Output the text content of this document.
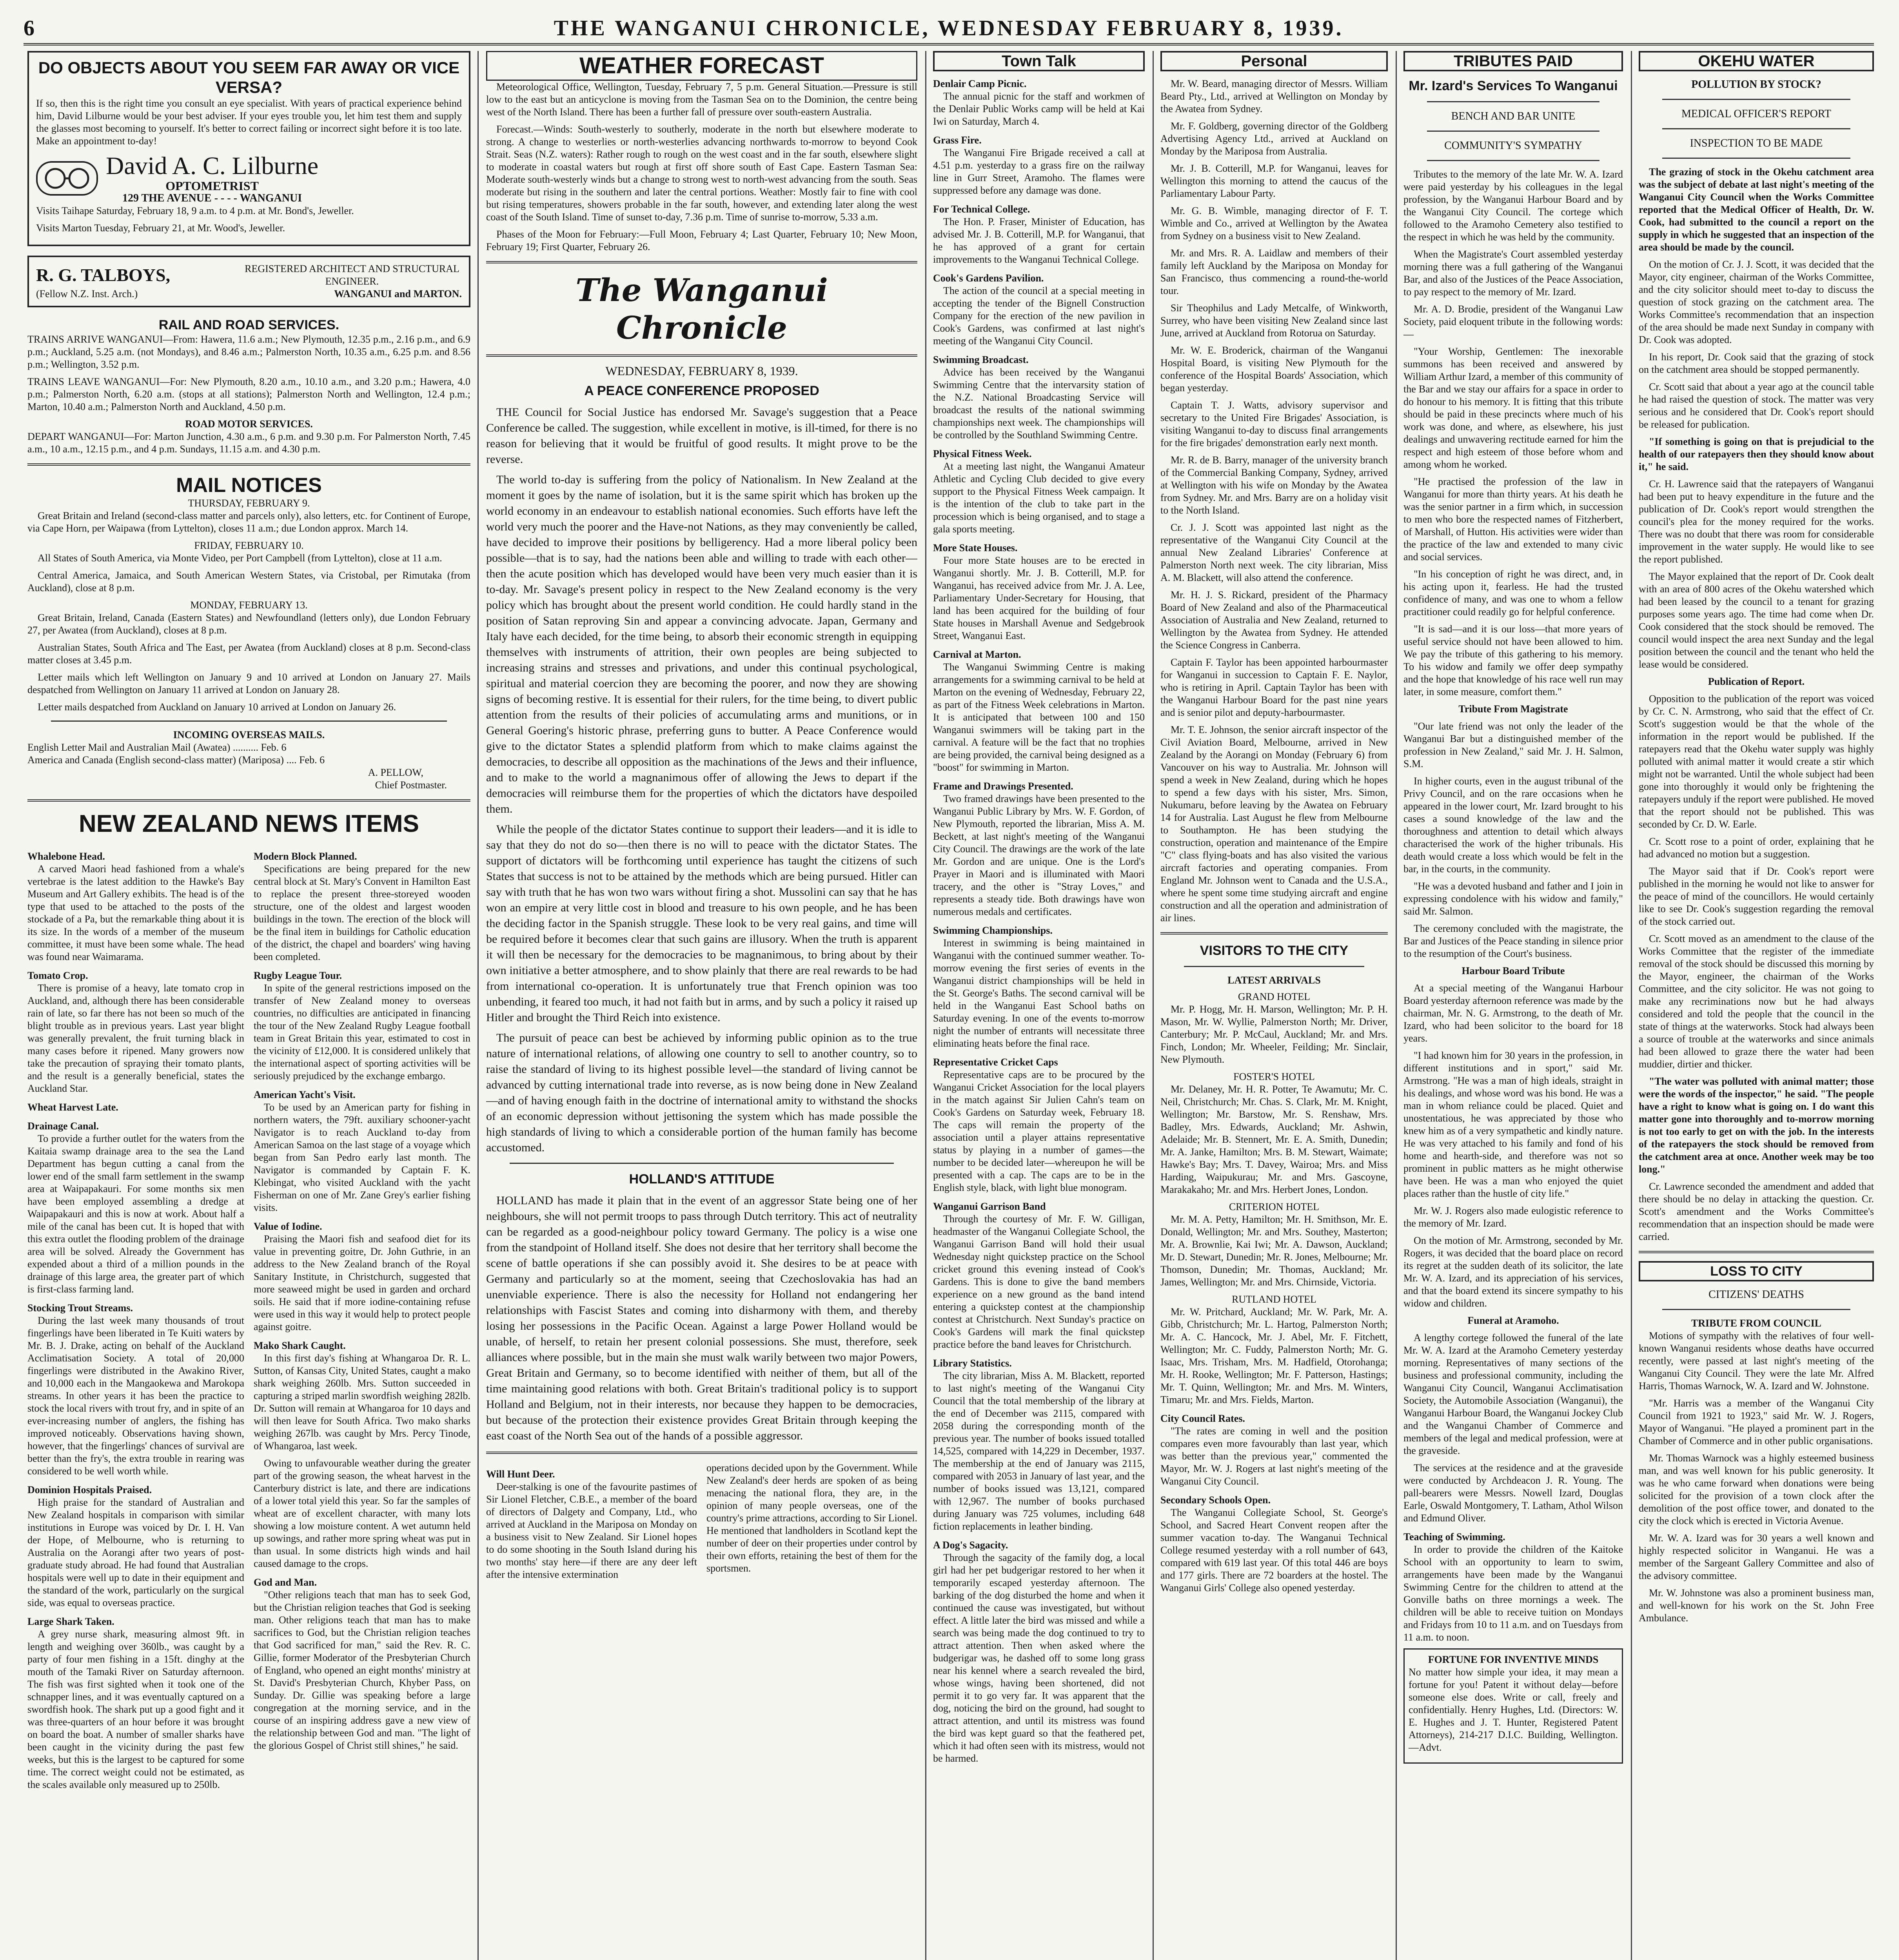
6	THE WANGANUI CHRONICLE, WEDNESDAY FEBRUARY 8, 1939.
DO OBJECTS ABOUT YOU SEEM FAR AWAY OR VICE VERSA?

If so, then this is the right time you consult an eye specialist. With years of practical experience behind him, David Lilburne would be your best adviser. If your eyes trouble you, let him test them and supply the glasses most becoming to yourself. It's better to correct failing or incorrect sight before it is too late. Make an appointment to-day!

David A. C. Lilburne
OPTOMETRIST
129 THE AVENUE - - - - WANGANUI

Visits Taihape Saturday, February 18, 9 a.m. to 4 p.m. at Mr. Bond's, Jeweller.

Visits Marton Tuesday, February 21, at Mr. Wood's, Jeweller.

R. G. TALBOYS,	REGISTERED ARCHITECT AND STRUCTURAL ENGINEER.
(Fellow N.Z. Inst. Arch.)	WANGANUI and MARTON.
RAIL AND ROAD SERVICES.

TRAINS ARRIVE WANGANUI—From: Hawera, 11.6 a.m.; New Plymouth, 12.35 p.m., 2.16 p.m., and 6.9 p.m.; Auckland, 5.25 a.m. (not Mondays), and 8.46 a.m.; Palmerston North, 10.35 a.m., 6.25 p.m. and 8.56 p.m.; Wellington, 3.52 p.m.

TRAINS LEAVE WANGANUI—For: New Plymouth, 8.20 a.m., 10.10 a.m., and 3.20 p.m.; Hawera, 4.0 p.m.; Palmerston North, 6.20 a.m. (stops at all stations); Palmerston North and Wellington, 12.4 p.m.; Marton, 10.40 a.m.; Palmerston North and Auckland, 4.50 p.m.

ROAD MOTOR SERVICES.

DEPART WANGANUI—For: Marton Junction, 4.30 a.m., 6 p.m. and 9.30 p.m. For Palmerston North, 7.45 a.m., 10 a.m., 12.15 p.m., and 4 p.m. Sundays, 11.15 a.m. and 4.30 p.m.

MAIL NOTICES
THURSDAY, FEBRUARY 9.

Great Britain and Ireland (second-class matter and parcels only), also letters, etc. for Continent of Europe, via Cape Horn, per Waipawa (from Lyttelton), closes 11 a.m.; due London approx. March 14.

FRIDAY, FEBRUARY 10.

All States of South America, via Monte Video, per Port Campbell (from Lyttelton), close at 11 a.m.

Central America, Jamaica, and South American Western States, via Cristobal, per Rimutaka (from Auckland), close at 8 p.m.

MONDAY, FEBRUARY 13.

Great Britain, Ireland, Canada (Eastern States) and Newfoundland (letters only), due London February 27, per Awatea (from Auckland), closes at 8 p.m.

Australian States, South Africa and The East, per Awatea (from Auckland) closes at 8 p.m. Second-class matter closes at 3.45 p.m.

Letter mails which left Wellington on January 9 and 10 arrived at London on January 27. Mails despatched from Wellington on January 11 arrived at London on January 28.

Letter mails despatched from Auckland on January 10 arrived at London on January 26.

INCOMING OVERSEAS MAILS.
English Letter Mail and Australian Mail (Awatea) .......... Feb. 6
America and Canada (English second-class matter) (Mariposa) .... Feb. 6
A. PELLOW,
Chief Postmaster.
NEW ZEALAND NEWS ITEMS
Whalebone Head.

A carved Maori head fashioned from a whale's vertebrae is the latest addition to the Hawke's Bay Museum and Art Gallery exhibits. The head is of the type that used to be attached to the posts of the stockade of a Pa, but the remarkable thing about it is its size. In the words of a member of the museum committee, it must have been some whale. The head was found near Waimarama.

Tomato Crop.

There is promise of a heavy, late tomato crop in Auckland, and, although there has been considerable rain of late, so far there has not been so much of the blight trouble as in previous years. Last year blight was generally prevalent, the fruit turning black in many cases before it ripened. Many growers now take the precaution of spraying their tomato plants, and the result is a generally beneficial, states the Auckland Star.

Wheat Harvest Late.
Drainage Canal.

To provide a further outlet for the waters from the Kaitaia swamp drainage area to the sea the Land Department has begun cutting a canal from the lower end of the small farm settlement in the swamp area at Waipapakauri. For some months six men have been employed assembling a dredge at Waipapakauri and this is now at work. About half a mile of the canal has been cut. It is hoped that with this extra outlet the flooding problem of the drainage area will be solved. Already the Government has expended about a third of a million pounds in the drainage of this large area, the greater part of which is first-class farming land.

Stocking Trout Streams.

During the last week many thousands of trout fingerlings have been liberated in Te Kuiti waters by Mr. B. J. Drake, acting on behalf of the Auckland Acclimatisation Society. A total of 20,000 fingerlings were distributed in the Awakino River, and 10,000 each in the Mangaokewa and Marokopa streams. In other years it has been the practice to stock the local rivers with trout fry, and in spite of an ever-increasing number of anglers, the fishing has improved noticeably. Observations having shown, however, that the fingerlings' chances of survival are better than the fry's, the extra trouble in rearing was considered to be well worth while.

Dominion Hospitals Praised.

High praise for the standard of Australian and New Zealand hospitals in comparison with similar institutions in Europe was voiced by Dr. I. H. Van der Hope, of Melbourne, who is returning to Australia on the Aorangi after two years of post-graduate study abroad. He had found that Australian hospitals were well up to date in their equipment and the standard of the work, particularly on the surgical side, was equal to overseas practice.

Large Shark Taken.

A grey nurse shark, measuring almost 9ft. in length and weighing over 360lb., was caught by a party of four men fishing in a 15ft. dinghy at the mouth of the Tamaki River on Saturday afternoon. The fish was first sighted when it took one of the schnapper lines, and it was eventually captured on a swordfish hook. The shark put up a good fight and it was three-quarters of an hour before it was brought on board the boat. A number of smaller sharks have been caught in the vicinity during the past few weeks, but this is the largest to be captured for some time. The correct weight could not be estimated, as the scales available only measured up to 250lb.

Modern Block Planned.

Specifications are being prepared for the new central block at St. Mary's Convent in Hamilton East to replace the present three-storeyed wooden structure, one of the oldest and largest wooden buildings in the town. The erection of the block will be the final item in buildings for Catholic education of the district, the chapel and boarders' wing having been completed.

Rugby League Tour.

In spite of the general restrictions imposed on the transfer of New Zealand money to overseas countries, no difficulties are anticipated in financing the tour of the New Zealand Rugby League football team in Great Britain this year, estimated to cost in the vicinity of £12,000. It is considered unlikely that the international aspect of sporting activities will be seriously prejudiced by the exchange embargo.

American Yacht's Visit.

To be used by an American party for fishing in northern waters, the 79ft. auxiliary schooner-yacht Navigator is to reach Auckland to-day from American Samoa on the last stage of a voyage which began from San Pedro early last month. The Navigator is commanded by Captain F. K. Klebingat, who visited Auckland with the yacht Fisherman on one of Mr. Zane Grey's earlier fishing visits.

Value of Iodine.

Praising the Maori fish and seafood diet for its value in preventing goitre, Dr. John Guthrie, in an address to the New Zealand branch of the Royal Sanitary Institute, in Christchurch, suggested that more seaweed might be used in garden and orchard soils. He said that if more iodine-containing refuse were used in this way it would help to protect people against goitre.

Mako Shark Caught.

In this first day's fishing at Whangaroa Dr. R. L. Sutton, of Kansas City, United States, caught a mako shark weighing 260lb. Mrs. Sutton succeeded in capturing a striped marlin swordfish weighing 282lb. Dr. Sutton will remain at Whangaroa for 10 days and will then leave for South Africa. Two mako sharks weighing 267lb. was caught by Mrs. Percy Tinode, of Whangaroa, last week.

Owing to unfavourable weather during the greater part of the growing season, the wheat harvest in the Canterbury district is late, and there are indications of a lower total yield this year. So far the samples of wheat are of excellent character, with many lots showing a low moisture content. A wet autumn held up sowings, and rather more spring wheat was put in than usual. In some districts high winds and hail caused damage to the crops.

God and Man.

"Other religions teach that man has to seek God, but the Christian religion teaches that God is seeking man. Other religions teach that man has to make sacrifices to God, but the Christian religion teaches that God sacrificed for man," said the Rev. R. C. Gillie, former Moderator of the Presbyterian Church of England, who opened an eight months' ministry at St. David's Presbyterian Church, Khyber Pass, on Sunday. Dr. Gillie was speaking before a large congregation at the morning service, and in the course of an inspiring address gave a new view of the relationship between God and man. "The light of the glorious Gospel of Christ still shines," he said.

WEATHER FORECAST

Meteorological Office, Wellington, Tuesday, February 7, 5 p.m. General Situation.—Pressure is still low to the east but an anticyclone is moving from the Tasman Sea on to the Dominion, the centre being west of the North Island. There has been a further fall of pressure over south-eastern Australia.

Forecast.—Winds: South-westerly to southerly, moderate in the north but elsewhere moderate to strong. A change to westerlies or north-westerlies advancing northwards to-morrow to beyond Cook Strait. Seas (N.Z. waters): Rather rough to rough on the west coast and in the far south, elsewhere slight to moderate in coastal waters but rough at first off shore south of East Cape. Eastern Tasman Sea: Moderate south-westerly winds but a change to strong west to north-west advancing from the south. Seas moderate but rising in the southern and later the central portions. Weather: Mostly fair to fine with cool but rising temperatures, showers probable in the far south, however, and extending later along the west coast of the South Island. Time of sunset to-day, 7.36 p.m. Time of sunrise to-morrow, 5.33 a.m.

Phases of the Moon for February:—Full Moon, February 4; Last Quarter, February 10; New Moon, February 19; First Quarter, February 26.

The Wanganui Chronicle
WEDNESDAY, FEBRUARY 8, 1939.
A PEACE CONFERENCE PROPOSED

THE Council for Social Justice has endorsed Mr. Savage's suggestion that a Peace Conference be called. The suggestion, while excellent in motive, is ill-timed, for there is no reason for believing that it would be fruitful of good results. It might prove to be the reverse.

The world to-day is suffering from the policy of Nationalism. In New Zealand at the moment it goes by the name of isolation, but it is the same spirit which has broken up the world economy in an endeavour to establish national economies. Such efforts have left the world very much the poorer and the Have-not Nations, as they may conveniently be called, have decided to improve their positions by belligerency. Had a more liberal policy been possible—that is to say, had the nations been able and willing to trade with each other—then the acute position which has developed would have been very much easier than it is to-day. Mr. Savage's present policy in respect to the New Zealand economy is the very policy which has brought about the present world condition. He could hardly stand in the position of Satan reproving Sin and appear a convincing advocate. Japan, Germany and Italy have each decided, for the time being, to absorb their economic strength in equipping themselves with instruments of attrition, their own peoples are being subjected to increasing strains and stresses and privations, and under this continual psychological, spiritual and material coercion they are becoming the poorer, and now they are showing signs of becoming restive. It is essential for their rulers, for the time being, to divert public attention from the results of their policies of accumulating arms and munitions, or in General Goering's historic phrase, preferring guns to butter. A Peace Conference would give to the dictator States a splendid platform from which to make claims against the democracies, to describe all opposition as the machinations of the Jews and their influence, and to make to the world a magnanimous offer of allowing the Jews to depart if the democracies will reimburse them for the properties of which the dictators have despoiled them.

While the people of the dictator States continue to support their leaders—and it is idle to say that they do not do so—then there is no will to peace with the dictator States. The support of dictators will be forthcoming until experience has taught the citizens of such States that success is not to be attained by the methods which are being pursued. Hitler can say with truth that he has won two wars without firing a shot. Mussolini can say that he has won an empire at very little cost in blood and treasure to his own people, and he has been the deciding factor in the Spanish struggle. These look to be very real gains, and time will be required before it becomes clear that such gains are illusory. When the truth is apparent it will then be necessary for the democracies to be magnanimous, to bring about by their own initiative a better atmosphere, and to show plainly that there are real rewards to be had from international co-operation. It is unfortunately true that French opinion was too unbending, it feared too much, it had not faith but in arms, and by such a policy it raised up Hitler and brought the Third Reich into existence.

The pursuit of peace can best be achieved by informing public opinion as to the true nature of international relations, of allowing one country to sell to another country, so to raise the standard of living to its highest possible level—the standard of living cannot be advanced by cutting international trade into reverse, as is now being done in New Zealand—and of having enough faith in the doctrine of international amity to withstand the shocks of an economic depression without jettisoning the system which has made possible the high standards of living to which a considerable portion of the human family has become accustomed.

HOLLAND'S ATTITUDE

HOLLAND has made it plain that in the event of an aggressor State being one of her neighbours, she will not permit troops to pass through Dutch territory. This act of neutrality can be regarded as a good-neighbour policy toward Germany. The policy is a wise one from the standpoint of Holland itself. She does not desire that her territory shall become the scene of battle operations if she can possibly avoid it. She desires to be at peace with Germany and particularly so at the moment, seeing that Czechoslovakia has had an unenviable experience. There is also the necessity for Holland not endangering her relationships with Fascist States and coming into disharmony with them, and thereby losing her possessions in the Pacific Ocean. Against a large Power Holland would be unable, of herself, to retain her present colonial possessions. She must, therefore, seek alliances where possible, but in the main she must walk warily between two major Powers, Great Britain and Germany, so to become identified with neither of them, but all of the time maintaining good relations with both. Great Britain's traditional policy is to support Holland and Belgium, not in their interests, nor because they happen to be democracies, but because of the protection their existence provides Great Britain through keeping the east coast of the North Sea out of the hands of a possible aggressor.

Will Hunt Deer.

Deer-stalking is one of the favourite pastimes of Sir Lionel Fletcher, C.B.E., a member of the board of directors of Dalgety and Company, Ltd., who arrived at Auckland in the Mariposa on Monday on a business visit to New Zealand. Sir Lionel hopes to do some shooting in the South Island during his two months' stay here—if there are any deer left after the intensive extermination

operations decided upon by the Government. While New Zealand's deer herds are spoken of as being menacing the national flora, they are, in the opinion of many people overseas, one of the country's prime attractions, according to Sir Lionel. He mentioned that landholders in Scotland kept the number of deer on their properties under control by their own efforts, retaining the best of them for the sportsmen.

Town Talk
Denlair Camp Picnic.

The annual picnic for the staff and workmen of the Denlair Public Works camp will be held at Kai Iwi on Saturday, March 4.

Grass Fire.

The Wanganui Fire Brigade received a call at 4.51 p.m. yesterday to a grass fire on the railway line in Gurr Street, Aramoho. The flames were suppressed before any damage was done.

For Technical College.

The Hon. P. Fraser, Minister of Education, has advised Mr. J. B. Cotterill, M.P. for Wanganui, that he has approved of a grant for certain improvements to the Wanganui Technical College.

Cook's Gardens Pavilion.

The action of the council at a special meeting in accepting the tender of the Bignell Construction Company for the erection of the new pavilion in Cook's Gardens, was confirmed at last night's meeting of the Wanganui City Council.

Swimming Broadcast.

Advice has been received by the Wanganui Swimming Centre that the intervarsity station of the N.Z. National Broadcasting Service will broadcast the results of the national swimming championships next week. The championships will be controlled by the Southland Swimming Centre.

Physical Fitness Week.

At a meeting last night, the Wanganui Amateur Athletic and Cycling Club decided to give every support to the Physical Fitness Week campaign. It is the intention of the club to take part in the procession which is being organised, and to stage a gala sports meeting.

More State Houses.

Four more State houses are to be erected in Wanganui shortly. Mr. J. B. Cotterill, M.P. for Wanganui, has received advice from Mr. J. A. Lee, Parliamentary Under-Secretary for Housing, that land has been acquired for the building of four State houses in Marshall Avenue and Sedgebrook Street, Wanganui East.

Carnival at Marton.

The Wanganui Swimming Centre is making arrangements for a swimming carnival to be held at Marton on the evening of Wednesday, February 22, as part of the Fitness Week celebrations in Marton. It is anticipated that between 100 and 150 Wanganui swimmers will be taking part in the carnival. A feature will be the fact that no trophies are being provided, the carnival being designed as a "boost" for swimming in Marton.

Frame and Drawings Presented.

Two framed drawings have been presented to the Wanganui Public Library by Mrs. W. F. Gordon, of New Plymouth, reported the librarian, Miss A. M. Beckett, at last night's meeting of the Wanganui City Council. The drawings are the work of the late Mr. Gordon and are unique. One is the Lord's Prayer in Maori and is illuminated with Maori tracery, and the other is "Stray Loves," and represents a steady tide. Both drawings have won numerous medals and certificates.

Swimming Championships.

Interest in swimming is being maintained in Wanganui with the continued summer weather. To-morrow evening the first series of events in the Wanganui district championships will be held in the St. George's Baths. The second carnival will be held in the Wanganui East School baths on Saturday evening. In one of the events to-morrow night the number of entrants will necessitate three eliminating heats before the final race.

Representative Cricket Caps

Representative caps are to be procured by the Wanganui Cricket Association for the local players in the match against Sir Julien Cahn's team on Cook's Gardens on Saturday week, February 18. The caps will remain the property of the association until a player attains representative status by playing in a number of games—the number to be decided later—whereupon he will be presented with a cap. The caps are to be in the English style, black, with light blue monogram.

Wanganui Garrison Band

Through the courtesy of Mr. F. W. Gilligan, headmaster of the Wanganui Collegiate School, the Wanganui Garrison Band will hold their usual Wednesday night quickstep practice on the School cricket ground this evening instead of Cook's Gardens. This is done to give the band members experience on a new ground as the band intend entering a quickstep contest at the championship contest at Christchurch. Next Sunday's practice on Cook's Gardens will mark the final quickstep practice before the band leaves for Christchurch.

Library Statistics.

The city librarian, Miss A. M. Blackett, reported to last night's meeting of the Wanganui City Council that the total membership of the library at the end of December was 2115, compared with 2058 during the corresponding month of the previous year. The number of books issued totalled 14,525, compared with 14,229 in December, 1937. The membership at the end of January was 2115, compared with 2053 in January of last year, and the number of books issued was 13,121, compared with 12,967. The number of books purchased during January was 725 volumes, including 648 fiction replacements in leather binding.

A Dog's Sagacity.

Through the sagacity of the family dog, a local girl had her pet budgerigar restored to her when it temporarily escaped yesterday afternoon. The barking of the dog disturbed the home and when it continued the cause was investigated, but without effect. A little later the bird was missed and while a search was being made the dog continued to try to attract attention. Then when asked where the budgerigar was, he dashed off to some long grass near his kennel where a search revealed the bird, whose wings, having been shortened, did not permit it to go very far. It was apparent that the dog, noticing the bird on the ground, had sought to attract attention, and until its mistress was found the bird was kept guard so that the feathered pet, which it had often seen with its mistress, would not be harmed.

Personal

Mr. W. Beard, managing director of Messrs. William Beard Pty., Ltd., arrived at Wellington on Monday by the Awatea from Sydney.

Mr. F. Goldberg, governing director of the Goldberg Advertising Agency Ltd., arrived at Auckland on Monday by the Mariposa from Australia.

Mr. J. B. Cotterill, M.P. for Wanganui, leaves for Wellington this morning to attend the caucus of the Parliamentary Labour Party.

Mr. G. B. Wimble, managing director of F. T. Wimble and Co., arrived at Wellington by the Awatea from Sydney on a business visit to New Zealand.

Mr. and Mrs. R. A. Laidlaw and members of their family left Auckland by the Mariposa on Monday for San Francisco, thus commencing a round-the-world tour.

Sir Theophilus and Lady Metcalfe, of Winkworth, Surrey, who have been visiting New Zealand since last June, arrived at Auckland from Rotorua on Saturday.

Mr. W. E. Broderick, chairman of the Wanganui Hospital Board, is visiting New Plymouth for the conference of the Hospital Boards' Association, which began yesterday.

Captain T. J. Watts, advisory supervisor and secretary to the United Fire Brigades' Association, is visiting Wanganui to-day to discuss final arrangements for the fire brigades' demonstration early next month.

Mr. R. de B. Barry, manager of the university branch of the Commercial Banking Company, Sydney, arrived at Wellington with his wife on Monday by the Awatea from Sydney. Mr. and Mrs. Barry are on a holiday visit to the North Island.

Cr. J. J. Scott was appointed last night as the representative of the Wanganui City Council at the annual New Zealand Libraries' Conference at Palmerston North next week. The city librarian, Miss A. M. Blackett, will also attend the conference.

Mr. H. J. S. Rickard, president of the Pharmacy Board of New Zealand and also of the Pharmaceutical Association of Australia and New Zealand, returned to Wellington by the Awatea from Sydney. He attended the Science Congress in Canberra.

Captain F. Taylor has been appointed harbourmaster for Wanganui in succession to Captain F. E. Naylor, who is retiring in April. Captain Taylor has been with the Wanganui Harbour Board for the past nine years and is senior pilot and deputy-harbourmaster.

Mr. T. E. Johnson, the senior aircraft inspector of the Civil Aviation Board, Melbourne, arrived in New Zealand by the Aorangi on Monday (February 6) from Vancouver on his way to Australia. Mr. Johnson will spend a week in New Zealand, during which he hopes to spend a few days with his sister, Mrs. Simon, Nukumaru, before leaving by the Awatea on February 14 for Australia. Last August he flew from Melbourne to Southampton. He has been studying the construction, operation and maintenance of the Empire "C" class flying-boats and has also visited the various aircraft factories and operating companies. From England Mr. Johnson went to Canada and the U.S.A., where he spent some time studying aircraft and engine construction and all the operation and administration of air lines.

VISITORS TO THE CITY
LATEST ARRIVALS
GRAND HOTEL

Mr. P. Hogg, Mr. H. Marson, Wellington; Mr. P. H. Mason, Mr. W. Wyllie, Palmerston North; Mr. Driver, Canterbury; Mr. P. McCaul, Auckland; Mr. and Mrs. Finch, London; Mr. Wheeler, Feilding; Mr. Sinclair, New Plymouth.

FOSTER'S HOTEL

Mr. Delaney, Mr. H. R. Potter, Te Awamutu; Mr. C. Neil, Christchurch; Mr. Chas. S. Clark, Mr. M. Knight, Wellington; Mr. Barstow, Mr. S. Renshaw, Mrs. Badley, Mrs. Edwards, Auckland; Mr. Ashwin, Adelaide; Mr. B. Stennert, Mr. E. A. Smith, Dunedin; Mr. A. Janke, Hamilton; Mrs. B. M. Stewart, Waimate; Hawke's Bay; Mrs. T. Davey, Wairoa; Mrs. and Miss Harding, Waipukurau; Mr. and Mrs. Gascoyne, Marakakaho; Mr. and Mrs. Herbert Jones, London.

CRITERION HOTEL

Mr. M. A. Petty, Hamilton; Mr. H. Smithson, Mr. E. Donald, Wellington; Mr. and Mrs. Southey, Masterton; Mr. A. Brownlie, Kai Iwi; Mr. A. Dawson, Auckland; Mr. D. Stewart, Dunedin; Mr. R. Jones, Melbourne; Mr. Thomson, Dunedin; Mr. Thomas, Auckland; Mr. James, Wellington; Mr. and Mrs. Chirnside, Victoria.

RUTLAND HOTEL

Mr. W. Pritchard, Auckland; Mr. W. Park, Mr. A. Gibb, Christchurch; Mr. L. Hartog, Palmerston North; Mr. A. C. Hancock, Mr. J. Abel, Mr. F. Fitchett, Wellington; Mr. C. Fuddy, Palmerston North; Mr. G. Isaac, Mrs. Trisham, Mrs. M. Hadfield, Otorohanga; Mr. H. Rooke, Wellington; Mr. F. Patterson, Hastings; Mr. T. Quinn, Wellington; Mr. and Mrs. M. Winters, Timaru; Mr. and Mrs. Fields, Marton.

City Council Rates.

"The rates are coming in well and the position compares even more favourably than last year, which was better than the previous year," commented the Mayor, Mr. W. J. Rogers at last night's meeting of the Wanganui City Council.

Secondary Schools Open.

The Wanganui Collegiate School, St. George's School, and Sacred Heart Convent reopen after the summer vacation to-day. The Wanganui Technical College resumed yesterday with a roll number of 643, compared with 619 last year. Of this total 446 are boys and 177 girls. There are 72 boarders at the hostel. The Wanganui Girls' College also opened yesterday.

TRIBUTES PAID
Mr. Izard's Services To Wanganui
BENCH AND BAR UNITE
COMMUNITY'S SYMPATHY

Tributes to the memory of the late Mr. W. A. Izard were paid yesterday by his colleagues in the legal profession, by the Wanganui Harbour Board and by the Wanganui City Council. The cortege which followed to the Aramoho Cemetery also testified to the respect in which he was held by the community.

When the Magistrate's Court assembled yesterday morning there was a full gathering of the Wanganui Bar, and also of the Justices of the Peace Association, to pay respect to the memory of Mr. Izard.

Mr. A. D. Brodie, president of the Wanganui Law Society, paid eloquent tribute in the following words:—

"Your Worship, Gentlemen: The inexorable summons has been received and answered by William Arthur Izard, a member of this community of the Bar and we stay our affairs for a space in order to do honour to his memory. It is fitting that this tribute should be paid in these precincts where much of his work was done, and where, as elsewhere, his just dealings and unwavering rectitude earned for him the respect and high esteem of those before whom and among whom he worked.

"He practised the profession of the law in Wanganui for more than thirty years. At his death he was the senior partner in a firm which, in succession to men who bore the respected names of Fitzherbert, of Marshall, of Hutton. His activities were wider than the practice of the law and extended to many civic and social services.

"In his conception of right he was direct, and, in his acting upon it, fearless. He had the trusted confidence of many, and was one to whom a fellow practitioner could readily go for helpful conference.

"It is sad—and it is our loss—that more years of useful service should not have been allowed to him. We pay the tribute of this gathering to his memory. To his widow and family we offer deep sympathy and the hope that knowledge of his race well run may later, in some measure, comfort them."

Tribute From Magistrate

"Our late friend was not only the leader of the Wanganui Bar but a distinguished member of the profession in New Zealand," said Mr. J. H. Salmon, S.M.

In higher courts, even in the august tribunal of the Privy Council, and on the rare occasions when he appeared in the lower court, Mr. Izard brought to his cases a sound knowledge of the law and the thoroughness and attention to detail which always characterised the work of the higher tribunals. His death would create a loss which would be felt in the bar, in the courts, in the community.

"He was a devoted husband and father and I join in expressing condolence with his widow and family," said Mr. Salmon.

The ceremony concluded with the magistrate, the Bar and Justices of the Peace standing in silence prior to the resumption of the Court's business.

Harbour Board Tribute

At a special meeting of the Wanganui Harbour Board yesterday afternoon reference was made by the chairman, Mr. N. G. Armstrong, to the death of Mr. Izard, who had been solicitor to the board for 18 years.

"I had known him for 30 years in the profession, in different institutions and in sport," said Mr. Armstrong. "He was a man of high ideals, straight in his dealings, and whose word was his bond. He was a man in whom reliance could be placed. Quiet and unostentatious, he was appreciated by those who knew him as of a very sympathetic and kindly nature. He was very attached to his family and fond of his home and hearth-side, and therefore was not so prominent in public matters as he might otherwise have been. He was a man who enjoyed the quiet places rather than the hustle of city life."

Mr. W. J. Rogers also made eulogistic reference to the memory of Mr. Izard.

On the motion of Mr. Armstrong, seconded by Mr. Rogers, it was decided that the board place on record its regret at the sudden death of its solicitor, the late Mr. W. A. Izard, and its appreciation of his services, and that the board extend its sincere sympathy to his widow and children.

Funeral at Aramoho.

A lengthy cortege followed the funeral of the late Mr. W. A. Izard at the Aramoho Cemetery yesterday morning. Representatives of many sections of the business and professional community, including the Wanganui City Council, Wanganui Acclimatisation Society, the Automobile Association (Wanganui), the Wanganui Harbour Board, the Wanganui Jockey Club and the Wanganui Chamber of Commerce and members of the legal and medical profession, were at the graveside.

The services at the residence and at the graveside were conducted by Archdeacon J. R. Young. The pall-bearers were Messrs. Nowell Izard, Douglas Earle, Oswald Montgomery, T. Latham, Athol Wilson and Edmund Oliver.

Teaching of Swimming.

In order to provide the children of the Kaitoke School with an opportunity to learn to swim, arrangements have been made by the Wanganui Swimming Centre for the children to attend at the Gonville baths on three mornings a week. The children will be able to receive tuition on Mondays and Fridays from 10 to 11 a.m. and on Tuesdays from 11 a.m. to noon.

FORTUNE FOR INVENTIVE MINDS

No matter how simple your idea, it may mean a fortune for you! Patent it without delay—before someone else does. Write or call, freely and confidentially. Henry Hughes, Ltd. (Directors: W. E. Hughes and J. T. Hunter, Registered Patent Attorneys), 214-217 D.I.C. Building, Wellington.—Advt.

OKEHU WATER
POLLUTION BY STOCK?
MEDICAL OFFICER'S REPORT
INSPECTION TO BE MADE

The grazing of stock in the Okehu catchment area was the subject of debate at last night's meeting of the Wanganui City Council when the Works Committee reported that the Medical Officer of Health, Dr. W. Cook, had submitted to the council a report on the supply in which he suggested that an inspection of the area should be made by the council.

On the motion of Cr. J. J. Scott, it was decided that the Mayor, city engineer, chairman of the Works Committee, and the city solicitor should meet to-day to discuss the question of stock grazing on the catchment area. The Works Committee's recommendation that an inspection of the area should be made next Sunday in company with Dr. Cook was adopted.

In his report, Dr. Cook said that the grazing of stock on the catchment area should be stopped permanently.

Cr. Scott said that about a year ago at the council table he had raised the question of stock. The matter was very serious and he considered that Dr. Cook's report should be released for publication.

"If something is going on that is prejudicial to the health of our ratepayers then they should know about it," he said.

Cr. H. Lawrence said that the ratepayers of Wanganui had been put to heavy expenditure in the future and the publication of Dr. Cook's report would strengthen the council's plea for the money required for the works. There was no doubt that there was room for considerable improvement in the water supply. He would like to see the report published.

The Mayor explained that the report of Dr. Cook dealt with an area of 800 acres of the Okehu watershed which had been leased by the council to a tenant for grazing purposes some years ago. The time had come when Dr. Cook considered that the stock should be removed. The council would inspect the area next Sunday and the legal position between the council and the tenant who held the lease would be considered.

Publication of Report.

Opposition to the publication of the report was voiced by Cr. C. N. Armstrong, who said that the effect of Cr. Scott's suggestion would be that the whole of the information in the report would be published. If the ratepayers read that the Okehu water supply was highly polluted with animal matter it would create a stir which might not be warranted. Until the whole subject had been gone into thoroughly it would only be frightening the ratepayers unduly if the report were published. He moved that the report should not be published. This was seconded by Cr. D. W. Earle.

Cr. Scott rose to a point of order, explaining that he had advanced no motion but a suggestion.

The Mayor said that if Dr. Cook's report were published in the morning he would not like to answer for the peace of mind of the councillors. He would certainly like to see Dr. Cook's suggestion regarding the removal of the stock carried out.

Cr. Scott moved as an amendment to the clause of the Works Committee that the register of the immediate removal of the stock should be discussed this morning by the Mayor, engineer, the chairman of the Works Committee, and the city solicitor. He was not going to make any recriminations now but he had always considered and told the people that the council in the state of things at the waterworks. Stock had always been a source of trouble at the waterworks and since animals had been allowed to graze there the water had been muddier, dirtier and thicker.

"The water was polluted with animal matter; those were the words of the inspector," he said. "The people have a right to know what is going on. I do want this matter gone into thoroughly and to-morrow morning is not too early to get on with the job. In the interests of the ratepayers the stock should be removed from the catchment area at once. Another week may be too long."

Cr. Lawrence seconded the amendment and added that there should be no delay in attacking the question. Cr. Scott's amendment and the Works Committee's recommendation that an inspection should be made were carried.

LOSS TO CITY
CITIZENS' DEATHS
TRIBUTE FROM COUNCIL

Motions of sympathy with the relatives of four well-known Wanganui residents whose deaths have occurred recently, were passed at last night's meeting of the Wanganui City Council. They were the late Mr. Alfred Harris, Thomas Warnock, W. A. Izard and W. Johnstone.

"Mr. Harris was a member of the Wanganui City Council from 1921 to 1923," said Mr. W. J. Rogers, Mayor of Wanganui. "He played a prominent part in the Chamber of Commerce and in other public organisations.

Mr. Thomas Warnock was a highly esteemed business man, and was well known for his public generosity. It was he who came forward when donations were being solicited for the provision of a town clock after the demolition of the post office tower, and donated to the city the clock which is erected in Victoria Avenue.

Mr. W. A. Izard was for 30 years a well known and highly respected solicitor in Wanganui. He was a member of the Sargeant Gallery Committee and also of the advisory committee.

Mr. W. Johnstone was also a prominent business man, and well-known for his work on the St. John Free Ambulance.
